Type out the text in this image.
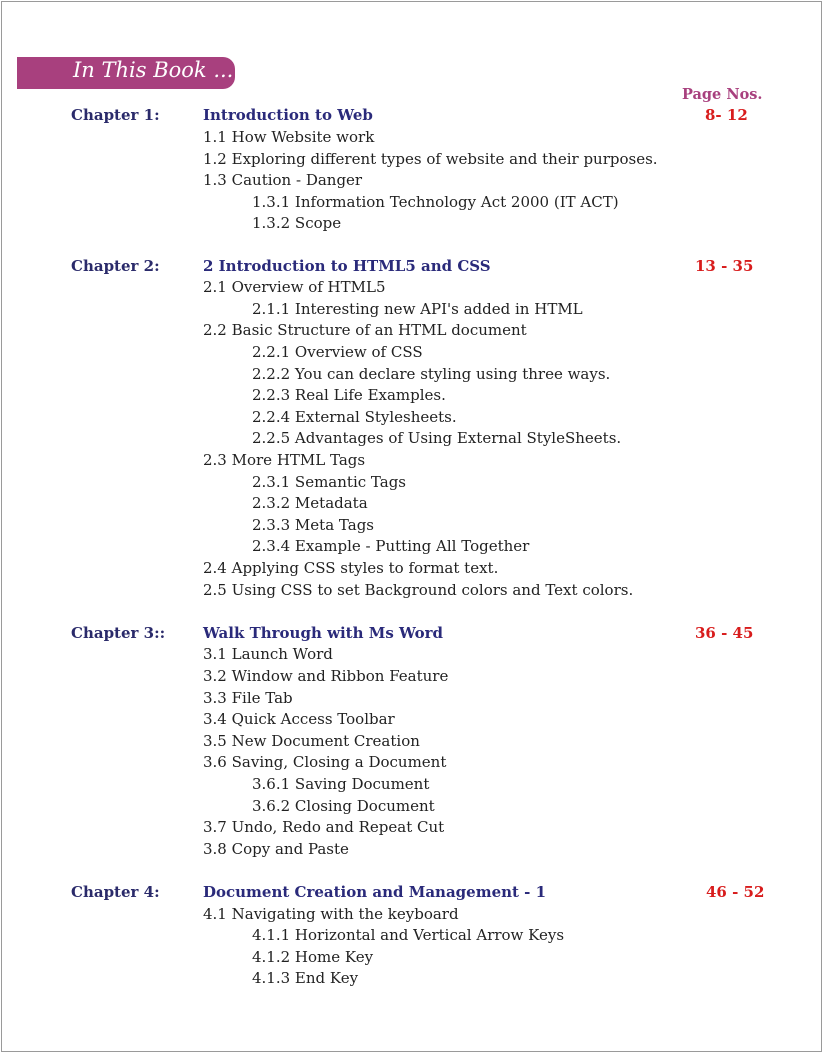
In This Book ...
Page Nos.
Chapter 1:	Introduction to Web	8- 12
1.1 How Website work
1.2 Exploring different types of website and their purposes.
1.3 Caution - Danger
1.3.1 Information Technology Act 2000 (IT ACT)
1.3.2 Scope
Chapter 2:	2 Introduction to HTML5 and CSS	13 - 35
2.1 Overview of HTML5
2.1.1 Interesting new API's added in HTML
2.2 Basic Structure of an HTML document
2.2.1 Overview of CSS
2.2.2 You can declare styling using three ways.
2.2.3 Real Life Examples.
2.2.4 External Stylesheets.
2.2.5 Advantages of Using External StyleSheets.
2.3 More HTML Tags
2.3.1 Semantic Tags
2.3.2 Metadata
2.3.3 Meta Tags
2.3.4 Example - Putting All Together
2.4 Applying CSS styles to format text.
2.5 Using CSS to set Background colors and Text colors.
Chapter 3::	Walk Through with Ms Word	36 - 45
3.1 Launch Word
3.2 Window and Ribbon Feature
3.3 File Tab
3.4 Quick Access Toolbar
3.5 New Document Creation
3.6 Saving, Closing a Document
3.6.1 Saving Document
3.6.2 Closing Document
3.7 Undo, Redo and Repeat Cut
3.8 Copy and Paste
Chapter 4:	Document Creation and Management - 1	46 - 52
4.1 Navigating with the keyboard
4.1.1 Horizontal and Vertical Arrow Keys
4.1.2 Home Key
4.1.3 End Key
